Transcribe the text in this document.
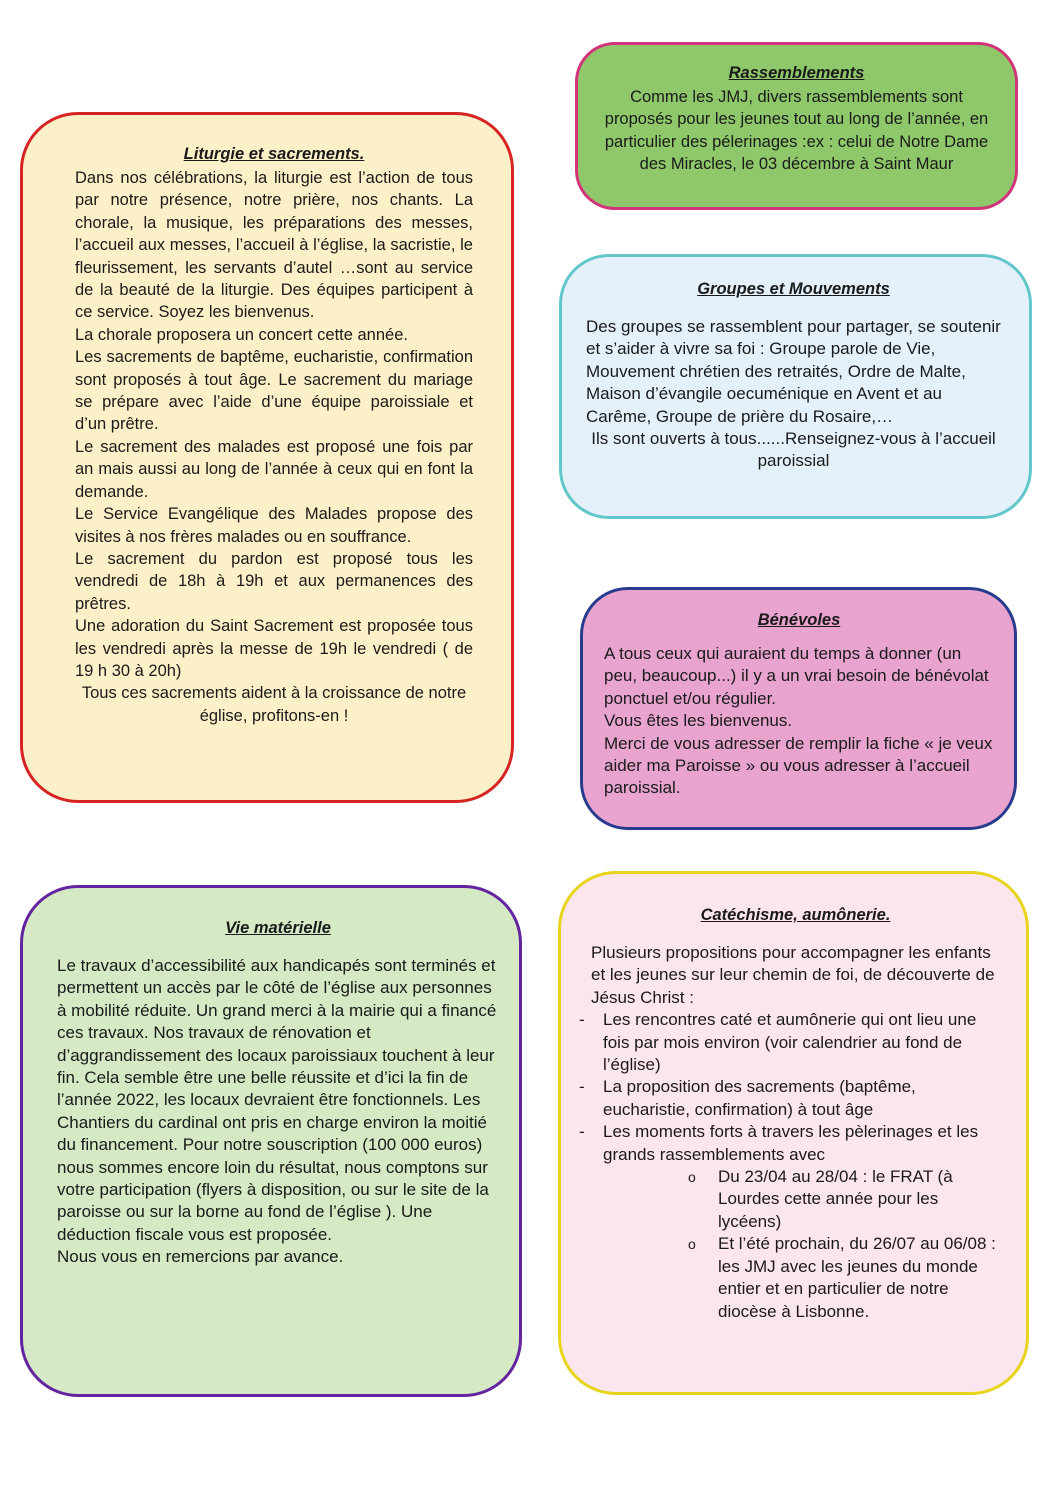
Liturgie et sacrements.

Dans nos célébrations, la liturgie est l’action de tous par notre présence, notre prière, nos chants. La chorale, la musique, les préparations des messes, l’accueil aux messes, l’accueil à l’église, la sacristie, le fleurissement, les servants d’autel …sont au service de la beauté de la liturgie. Des équipes participent à ce service. Soyez les bienvenus.

La chorale proposera un concert cette année.

Les sacrements de baptême, eucharistie, confirmation sont proposés à tout âge. Le sacrement du mariage se prépare avec l’aide d’une équipe paroissiale et d’un prêtre.

Le sacrement des malades est proposé une fois par an mais aussi au long de l’année à ceux qui en font la demande.

Le Service Evangélique des Malades propose des visites à nos frères malades ou en souffrance.

Le sacrement du pardon est proposé tous les vendredi de 18h à 19h et aux permanences des prêtres.

Une adoration du Saint Sacrement est proposée tous les vendredi après la messe de 19h le vendredi ( de 19 h 30 à 20h)

Tous ces sacrements aident à la croissance de notre église, profitons-en !

Rassemblements

Comme les JMJ, divers rassemblements sont proposés pour les jeunes tout au long de l’année, en particulier des pélerinages :ex : celui de Notre Dame des Miracles, le 03 décembre à Saint Maur

Groupes et Mouvements

Des groupes se rassemblent pour partager, se soutenir et s’aider à vivre sa foi : Groupe parole de Vie, Mouvement chrétien des retraités, Ordre de Malte, Maison d’évangile oecuménique en Avent et au Carême, Groupe de prière du Rosaire,…

Ils sont ouverts à tous......Renseignez-vous à l’accueil paroissial

Bénévoles

A tous ceux qui auraient du temps à donner (un peu, beaucoup...) il y a un vrai besoin de bénévolat ponctuel et/ou régulier.

Vous êtes les bienvenus.

Merci de vous adresser de remplir la fiche « je veux aider ma Paroisse » ou vous adresser à l’accueil paroissial.

Vie matérielle

Le travaux d’accessibilité aux handicapés sont terminés et permettent un accès par le côté de l’église aux personnes à mobilité réduite. Un grand merci à la mairie qui a financé ces travaux. Nos travaux de rénovation et d’aggrandissement des locaux paroissiaux touchent à leur fin. Cela semble être une belle réussite et d’ici la fin de l’année 2022, les locaux devraient être fonctionnels. Les Chantiers du cardinal ont pris en charge environ la moitié du financement. Pour notre souscription (100 000 euros) nous sommes encore loin du résultat, nous comptons sur votre participation (flyers à disposition, ou sur le site de la paroisse ou sur la borne au fond de l’église ). Une déduction fiscale vous est proposée.

Nous vous en remercions par avance.

Catéchisme, aumônerie.

Plusieurs propositions pour accompagner les enfants et les jeunes sur leur chemin de foi, de découverte de Jésus Christ :

- Les rencontres caté et aumônerie qui ont lieu une fois par mois environ (voir calendrier au fond de l’église)
- La proposition des sacrements (baptême, eucharistie, confirmation) à tout âge
- Les moments forts à travers les pèlerinages et les grands rassemblements avec
o Du 23/04 au 28/04 : le FRAT (à Lourdes cette année pour les lycéens)
o Et l’été prochain, du 26/07 au 06/08 : les JMJ avec les jeunes du monde entier et en particulier de notre diocèse à Lisbonne.
